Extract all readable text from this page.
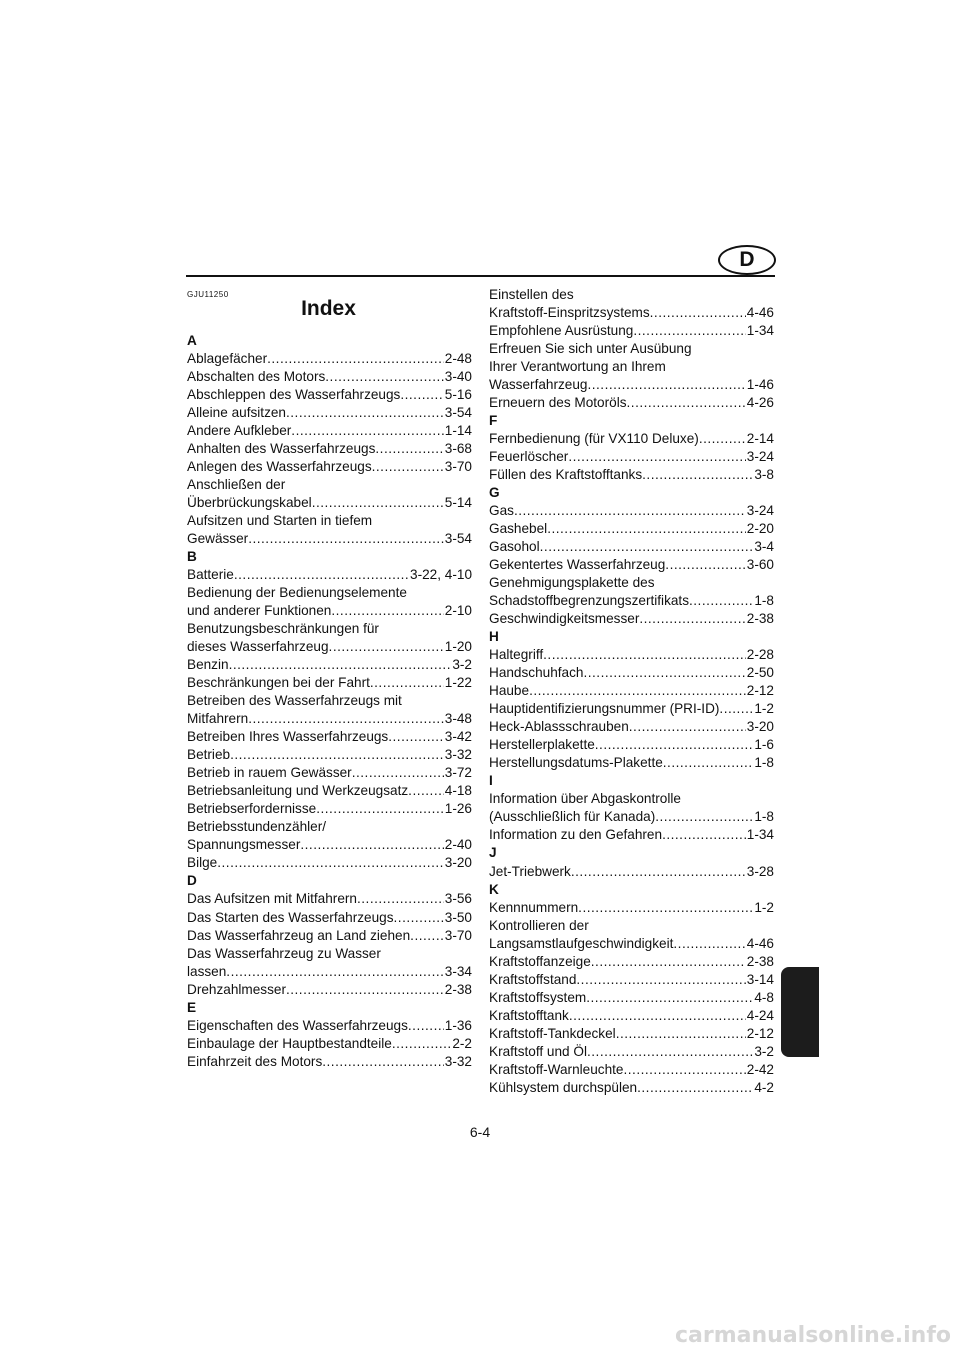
D
GJU11250
Index
A
Ablagefächer .....	2-48
Abschalten des Motors .....	3-40
Abschleppen des Wasserfahrzeugs .....	5-16
Alleine aufsitzen .....	3-54
Andere Aufkleber .....	1-14
Anhalten des Wasserfahrzeugs .....	3-68
Anlegen des Wasserfahrzeugs .....	3-70
Anschließen der
Überbrückungskabel .....	5-14
Aufsitzen und Starten in tiefem
Gewässer .....	3-54
B
Batterie .....	3-22, 4-10
Bedienung der Bedienungselemente
und anderer Funktionen .....	2-10
Benutzungsbeschränkungen für
dieses Wasserfahrzeug .....	1-20
Benzin .....	3-2
Beschränkungen bei der Fahrt .....	1-22
Betreiben des Wasserfahrzeugs mit
Mitfahrern .....	3-48
Betreiben Ihres Wasserfahrzeugs .....	3-42
Betrieb .....	3-32
Betrieb in rauem Gewässer .....	3-72
Betriebsanleitung und Werkzeugsatz .....	4-18
Betriebserfordernisse .....	1-26
Betriebsstundenzähler/
Spannungsmesser .....	2-40
Bilge .....	3-20
D
Das Aufsitzen mit Mitfahrern .....	3-56
Das Starten des Wasserfahrzeugs .....	3-50
Das Wasserfahrzeug an Land ziehen .....	3-70
Das Wasserfahrzeug zu Wasser
lassen .....	3-34
Drehzahlmesser .....	2-38
E
Eigenschaften des Wasserfahrzeugs .....	1-36
Einbaulage der Hauptbestandteile .....	2-2
Einfahrzeit des Motors .....	3-32
Einstellen des
Kraftstoff-Einspritzsystems .....	4-46
Empfohlene Ausrüstung .....	1-34
Erfreuen Sie sich unter Ausübung
Ihrer Verantwortung an Ihrem
Wasserfahrzeug .....	1-46
Erneuern des Motoröls .....	4-26
F
Fernbedienung (für VX110 Deluxe) .....	2-14
Feuerlöscher .....	3-24
Füllen des Kraftstofftanks .....	3-8
G
Gas .....	3-24
Gashebel .....	2-20
Gasohol .....	3-4
Gekentertes Wasserfahrzeug .....	3-60
Genehmigungsplakette des
Schadstoffbegrenzungszertifikats .....	1-8
Geschwindigkeitsmesser .....	2-38
H
Haltegriff .....	2-28
Handschuhfach .....	2-50
Haube .....	2-12
Hauptidentifizierungsnummer (PRI-ID) .....	1-2
Heck-Ablassschrauben .....	3-20
Herstellerplakette .....	1-6
Herstellungsdatums-Plakette .....	1-8
I
Information über Abgaskontrolle
(Ausschließlich für Kanada) .....	1-8
Information zu den Gefahren .....	1-34
J
Jet-Triebwerk .....	3-28
K
Kennnummern .....	1-2
Kontrollieren der
Langsamstlaufgeschwindigkeit .....	4-46
Kraftstoffanzeige .....	2-38
Kraftstoffstand .....	3-14
Kraftstoffsystem .....	4-8
Kraftstofftank .....	4-24
Kraftstoff-Tankdeckel .....	2-12
Kraftstoff und Öl .....	3-2
Kraftstoff-Warnleuchte .....	2-42
Kühlsystem durchspülen .....	4-2
6-4
carmanualsonline.info
